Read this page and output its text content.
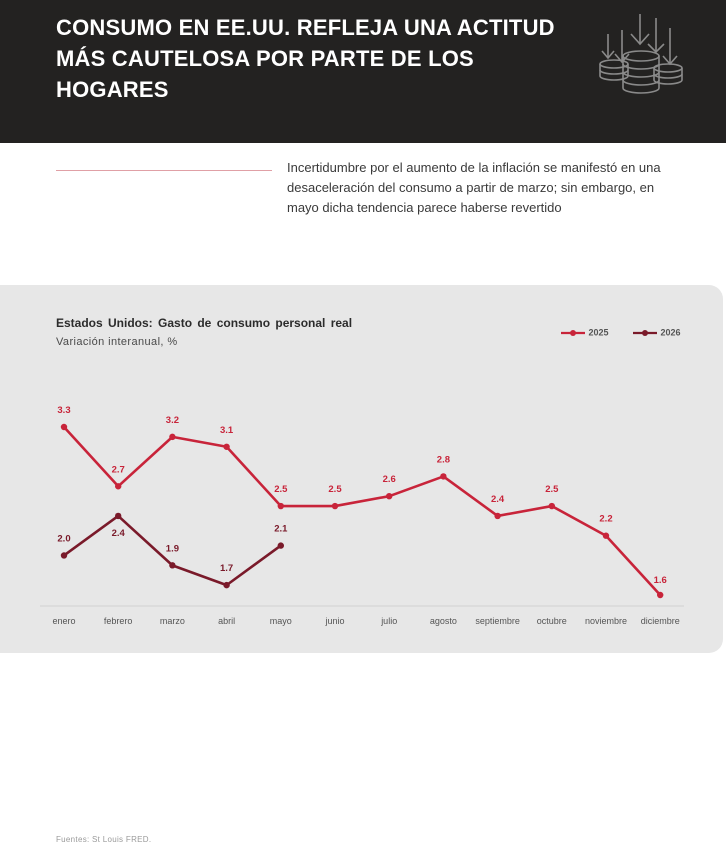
CONSUMO EN EE.UU. REFLEJA UNA ACTITUD MÁS CAUTELOSA POR PARTE DE LOS HOGARES
Incertidumbre por el aumento de la inflación se manifestó en una desaceleración del consumo a partir de marzo; sin embargo, en mayo dicha tendencia parece haberse revertido
Estados Unidos: Gasto de consumo personal real
Variación interanual, %
2025	2026
enero	febrero	marzo	abril	mayo	junio	julio	agosto septiembre octubre noviembre diciembre
3.3
2.7
3.2
3.1
2.5	2.5
2.6
2.8
2.4
2.5
2.2
1.6
2.0
2.4
1.9
1.7
2.1
Fuentes: St Louis FRED.
